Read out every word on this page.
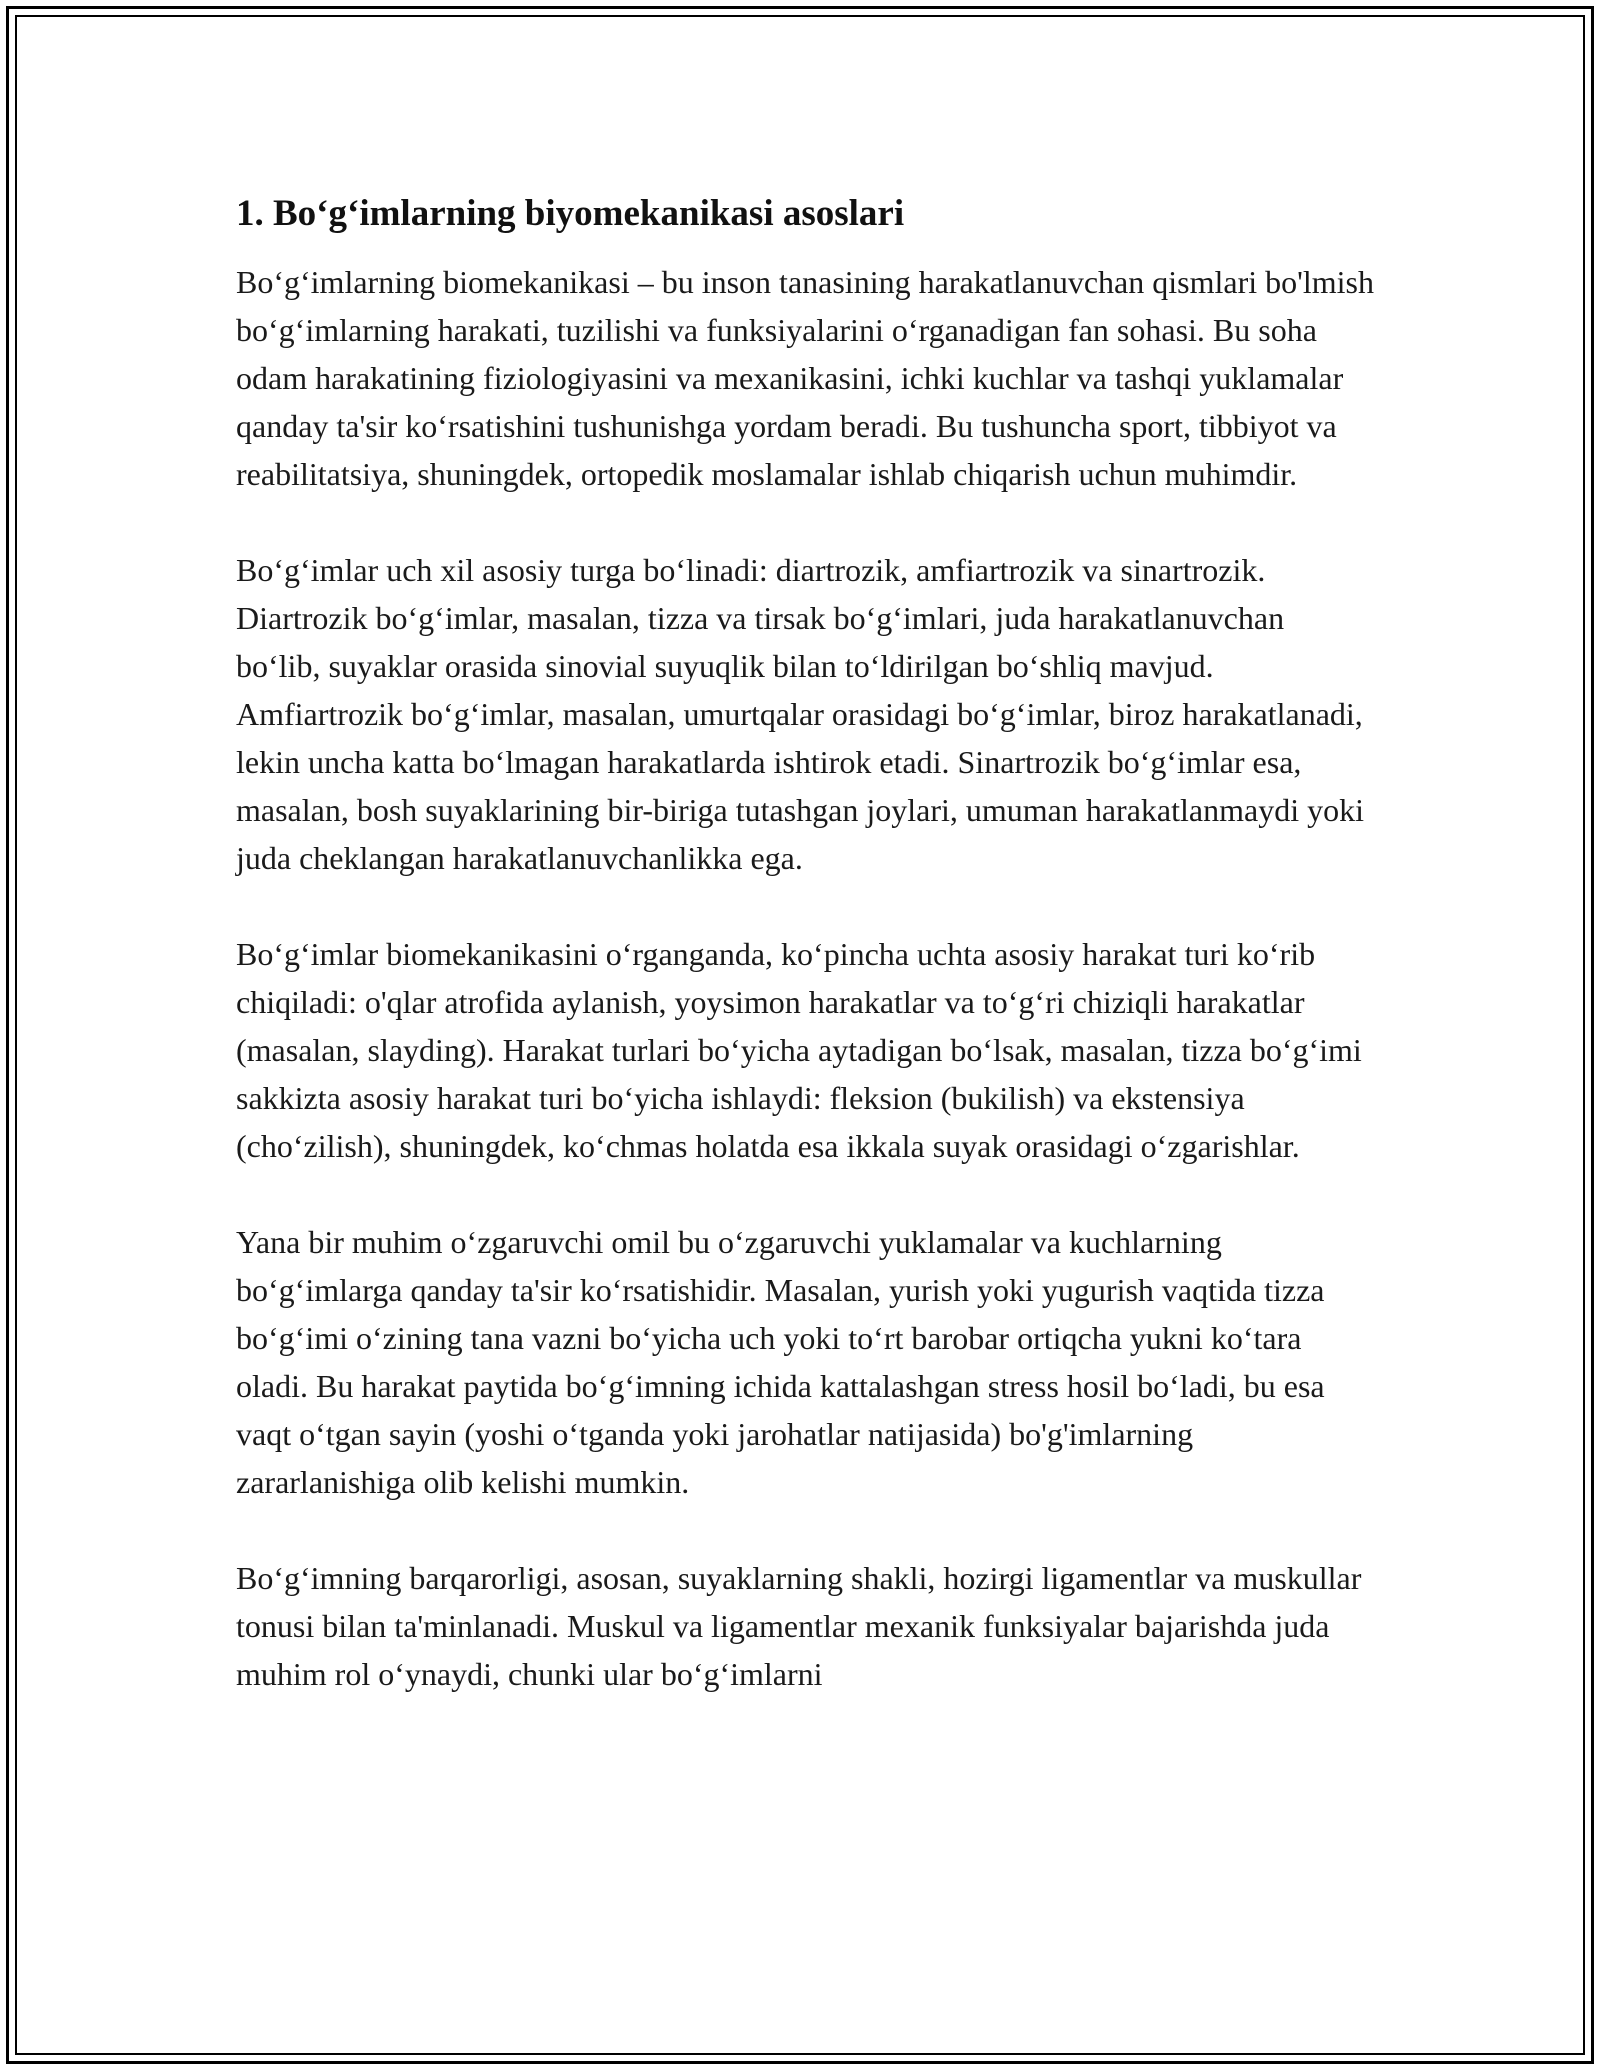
1. Bo‘g‘imlarning biyomekanikasi asoslari

Bo‘g‘imlarning biomekanikasi – bu inson tanasining harakatlanuvchan qismlari bo'lmish bo‘g‘imlarning harakati, tuzilishi va funksiyalarini o‘rganadigan fan sohasi. Bu soha odam harakatining fiziologiyasini va mexanikasini, ichki kuchlar va tashqi yuklamalar qanday ta'sir ko‘rsatishini tushunishga yordam beradi. Bu tushuncha sport, tibbiyot va reabilitatsiya, shuningdek, ortopedik moslamalar ishlab chiqarish uchun muhimdir.

Bo‘g‘imlar uch xil asosiy turga bo‘linadi: diartrozik, amfiartrozik va sinartrozik. Diartrozik bo‘g‘imlar, masalan, tizza va tirsak bo‘g‘imlari, juda harakatlanuvchan bo‘lib, suyaklar orasida sinovial suyuqlik bilan to‘ldirilgan bo‘shliq mavjud. Amfiartrozik bo‘g‘imlar, masalan, umurtqalar orasidagi bo‘g‘imlar, biroz harakatlanadi, lekin uncha katta bo‘lmagan harakatlarda ishtirok etadi. Sinartrozik bo‘g‘imlar esa, masalan, bosh suyaklarining bir-biriga tutashgan joylari, umuman harakatlanmaydi yoki juda cheklangan harakatlanuvchanlikka ega.

Bo‘g‘imlar biomekanikasini o‘rganganda, ko‘pincha uchta asosiy harakat turi ko‘rib chiqiladi: o'qlar atrofida aylanish, yoysimon harakatlar va to‘g‘ri chiziqli harakatlar (masalan, slayding). Harakat turlari bo‘yicha aytadigan bo‘lsak, masalan, tizza bo‘g‘imi sakkizta asosiy harakat turi bo‘yicha ishlaydi: fleksion (bukilish) va ekstensiya (cho‘zilish), shuningdek, ko‘chmas holatda esa ikkala suyak orasidagi o‘zgarishlar.

Yana bir muhim o‘zgaruvchi omil bu o‘zgaruvchi yuklamalar va kuchlarning bo‘g‘imlarga qanday ta'sir ko‘rsatishidir. Masalan, yurish yoki yugurish vaqtida tizza bo‘g‘imi o‘zining tana vazni bo‘yicha uch yoki to‘rt barobar ortiqcha yukni ko‘tara oladi. Bu harakat paytida bo‘g‘imning ichida kattalashgan stress hosil bo‘ladi, bu esa vaqt o‘tgan sayin (yoshi o‘tganda yoki jarohatlar natijasida) bo'g'imlarning zararlanishiga olib kelishi mumkin.

Bo‘g‘imning barqarorligi, asosan, suyaklarning shakli, hozirgi ligamentlar va muskullar tonusi bilan ta'minlanadi. Muskul va ligamentlar mexanik funksiyalar bajarishda juda muhim rol o‘ynaydi, chunki ular bo‘g‘imlarni
